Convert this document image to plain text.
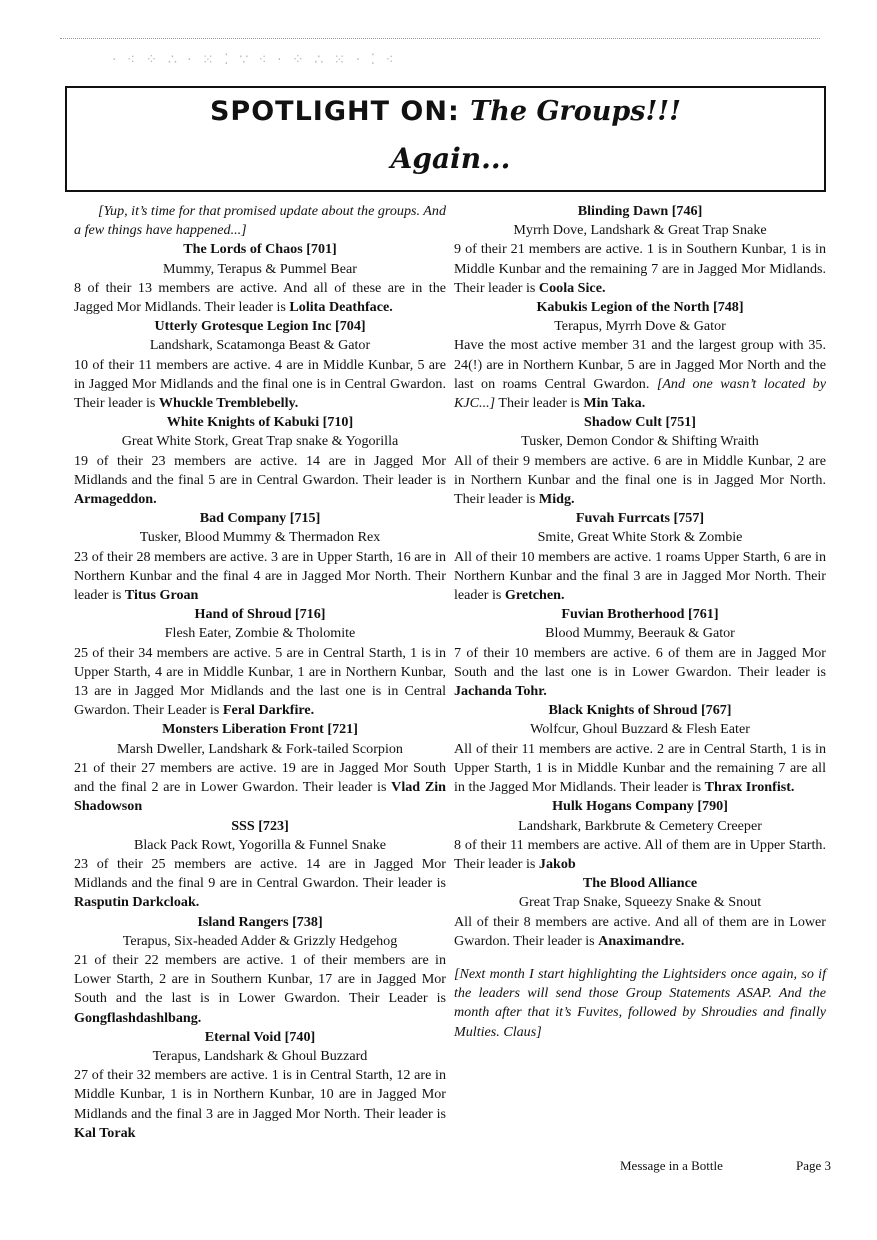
· ⁖ ⁘ ∴ · ⁙ ⁚ ∵ ⁖ · ⁘ ∴ ⁙ · ⁚ ⁖
SPOTLIGHT ON: The Groups!!!
Again...

[Yup, it’s time for that promised update about the groups. And a few things have happened...]

The Lords of Chaos [701]

Mummy, Terapus & Pummel Bear

8 of their 13 members are active. And all of these are in the Jagged Mor Midlands. Their leader is Lolita Deathface.

Utterly Grotesque Legion Inc [704]

Landshark, Scatamonga Beast & Gator

10 of their 11 members are active. 4 are in Middle Kunbar, 5 are in Jagged Mor Midlands and the final one is in Central Gwardon. Their leader is Whuckle Tremblebelly.

White Knights of Kabuki [710]

Great White Stork, Great Trap snake & Yogorilla

19 of their 23 members are active. 14 are in Jagged Mor Midlands and the final 5 are in Central Gwardon. Their leader is Armageddon.

Bad Company [715]

Tusker, Blood Mummy & Thermadon Rex

23 of their 28 members are active. 3 are in Upper Starth, 16 are in Northern Kunbar and the final 4 are in Jagged Mor North. Their leader is Titus Groan

Hand of Shroud [716]

Flesh Eater, Zombie & Tholomite

25 of their 34 members are active. 5 are in Central Starth, 1 is in Upper Starth, 4 are in Middle Kunbar, 1 are in Northern Kunbar, 13 are in Jagged Mor Midlands and the last one is in Central Gwardon. Their Leader is Feral Darkfire.

Monsters Liberation Front [721]

Marsh Dweller, Landshark & Fork-tailed Scorpion

21 of their 27 members are active. 19 are in Jagged Mor South and the final 2 are in Lower Gwardon. Their leader is Vlad Zin Shadowson

SSS [723]

Black Pack Rowt, Yogorilla & Funnel Snake

23 of their 25 members are active. 14 are in Jagged Mor Midlands and the final 9 are in Central Gwardon. Their leader is Rasputin Darkcloak.

Island Rangers [738]

Terapus, Six-headed Adder & Grizzly Hedgehog

21 of their 22 members are active. 1 of their members are in Lower Starth, 2 are in Southern Kunbar, 17 are in Jagged Mor South and the last is in Lower Gwardon. Their Leader is Gongflashdashlbang.

Eternal Void [740]

Terapus, Landshark & Ghoul Buzzard

27 of their 32 members are active. 1 is in Central Starth, 12 are in Middle Kunbar, 1 is in Northern Kunbar, 10 are in Jagged Mor Midlands and the final 3 are in Jagged Mor North. Their leader is Kal Torak

Blinding Dawn [746]

Myrrh Dove, Landshark & Great Trap Snake

9 of their 21 members are active. 1 is in Southern Kunbar, 1 is in Middle Kunbar and the remaining 7 are in Jagged Mor Midlands. Their leader is Coola Sice.

Kabukis Legion of the North [748]

Terapus, Myrrh Dove & Gator

Have the most active member 31 and the largest group with 35. 24(!) are in Northern Kunbar, 5 are in Jagged Mor North and the last on roams Central Gwardon. [And one wasn’t located by KJC...] Their leader is Min Taka.

Shadow Cult [751]

Tusker, Demon Condor & Shifting Wraith

All of their 9 members are active. 6 are in Middle Kunbar, 2 are in Northern Kunbar and the final one is in Jagged Mor North. Their leader is Midg.

Fuvah Furrcats [757]

Smite, Great White Stork & Zombie

All of their 10 members are active. 1 roams Upper Starth, 6 are in Northern Kunbar and the final 3 are in Jagged Mor North. Their leader is Gretchen.

Fuvian Brotherhood [761]

Blood Mummy, Beerauk & Gator

7 of their 10 members are active. 6 of them are in Jagged Mor South and the last one is in Lower Gwardon. Their leader is Jachanda Tohr.

Black Knights of Shroud [767]

Wolfcur, Ghoul Buzzard & Flesh Eater

All of their 11 members are active. 2 are in Central Starth, 1 is in Upper Starth, 1 is in Middle Kunbar and the remaining 7 are all in the Jagged Mor Midlands. Their leader is Thrax Ironfist.

Hulk Hogans Company [790]

Landshark, Barkbrute & Cemetery Creeper

8 of their 11 members are active. All of them are in Upper Starth. Their leader is Jakob

The Blood Alliance

Great Trap Snake, Squeezy Snake & Snout

All of their 8 members are active. And all of them are in Lower Gwardon. Their leader is Anaximandre.

[Next month I start highlighting the Lightsiders once again, so if the leaders will send those Group Statements ASAP. And the month after that it’s Fuvites, followed by Shroudies and finally Multies. Claus]

Message in a Bottle	Page 3
